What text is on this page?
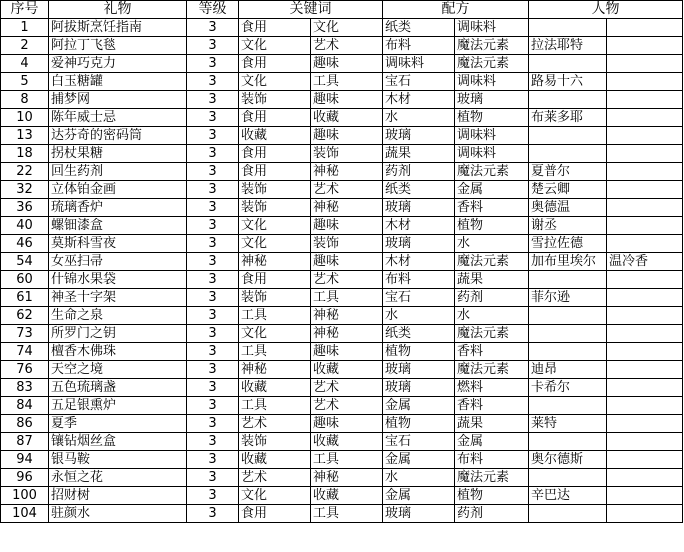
序号	礼物	等级	关键词		配方		人物	
1	阿拔斯烹饪指南	3	食用	文化	纸类	调味料		
2	阿拉丁飞毯	3	文化	艺术	布料	魔法元素	拉法耶特	
4	爱神巧克力	3	食用	趣味	调味料	魔法元素		
5	白玉糖罐	3	文化	工具	宝石	调味料	路易十六	
8	捕梦网	3	装饰	趣味	木材	玻璃		
10	陈年威士忌	3	食用	收藏	水	植物	布莱多耶	
13	达芬奇的密码筒	3	收藏	趣味	玻璃	调味料		
18	拐杖果糖	3	食用	装饰	蔬果	调味料		
22	回生药剂	3	食用	神秘	药剂	魔法元素	夏普尔	
32	立体铂金画	3	装饰	艺术	纸类	金属	楚云卿	
36	琉璃香炉	3	装饰	神秘	玻璃	香料	奥德温	
40	螺钿漆盒	3	文化	趣味	木材	植物	谢丞	
46	莫斯科雪夜	3	文化	装饰	玻璃	水	雪拉佐德	
54	女巫扫帚	3	神秘	趣味	木材	魔法元素	加布里埃尔	温冷香
60	什锦水果袋	3	食用	艺术	布料	蔬果		
61	神圣十字架	3	装饰	工具	宝石	药剂	菲尔逊	
62	生命之泉	3	工具	神秘	水	水		
73	所罗门之钥	3	文化	神秘	纸类	魔法元素		
74	檀香木佛珠	3	工具	趣味	植物	香料		
76	天空之境	3	神秘	收藏	玻璃	魔法元素	迪昂	
83	五色琉璃盏	3	收藏	艺术	玻璃	燃料	卡希尔	
84	五足银熏炉	3	工具	艺术	金属	香料		
86	夏季	3	艺术	趣味	植物	蔬果	莱特	
87	镶钻烟丝盒	3	装饰	收藏	宝石	金属		
94	银马鞍	3	收藏	工具	金属	布料	奥尔德斯	
96	永恒之花	3	艺术	神秘	水	魔法元素		
100	招财树	3	文化	收藏	金属	植物	辛巴达	
104	驻颜水	3	食用	工具	玻璃	药剂		
